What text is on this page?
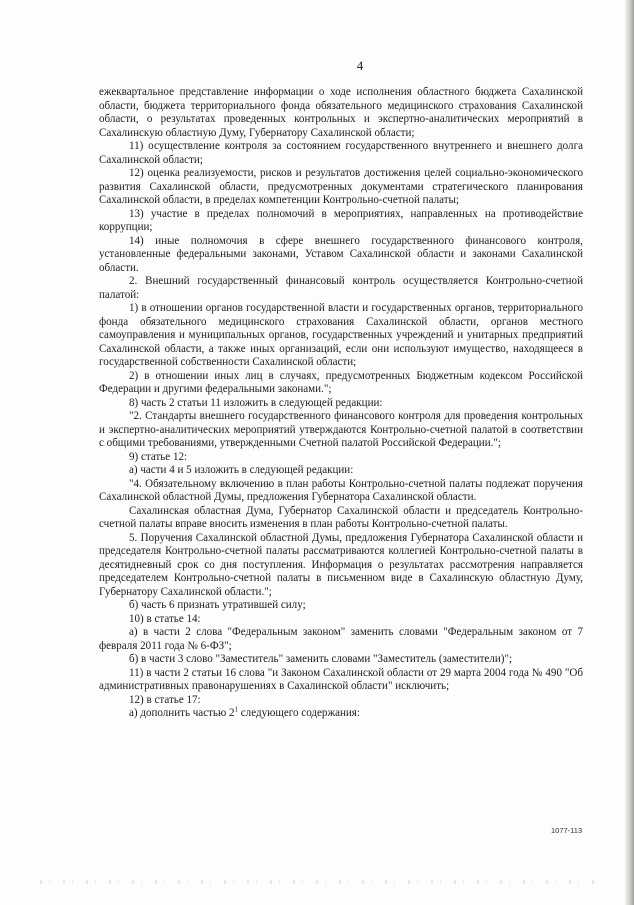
4

ежеквартальное представление информации о ходе исполнения областного бюджета Сахалинской области, бюджета территориального фонда обязательного медицинского страхования Сахалинской области, о результатах проведенных контрольных и экспертно-аналитических мероприятий в Сахалинскую областную Думу, Губернатору Сахалинской области;

11) осуществление контроля за состоянием государственного внутреннего и внешнего долга Сахалинской области;

12) оценка реализуемости, рисков и результатов достижения целей социально-экономического развития Сахалинской области, предусмотренных документами стратегического планирования Сахалинской области, в пределах компетенции Контрольно-счетной палаты;

13) участие в пределах полномочий в мероприятиях, направленных на противодействие коррупции;

14) иные полномочия в сфере внешнего государственного финансового контроля, установленные федеральными законами, Уставом Сахалинской области и законами Сахалинской области.

2. Внешний государственный финансовый контроль осуществляется Контрольно-счетной палатой:

1) в отношении органов государственной власти и государственных органов, территориального фонда обязательного медицинского страхования Сахалинской области, органов местного самоуправления и муниципальных органов, государственных учреждений и унитарных предприятий Сахалинской области, а также иных организаций, если они используют имущество, находящееся в государственной собственности Сахалинской области;

2) в отношении иных лиц в случаях, предусмотренных Бюджетным кодексом Российской Федерации и другими федеральными законами.";

8) часть 2 статьи 11 изложить в следующей редакции:

"2. Стандарты внешнего государственного финансового контроля для проведения контрольных и экспертно-аналитических мероприятий утверждаются Контрольно-счетной палатой в соответствии с общими требованиями, утвержденными Счетной палатой Российской Федерации.";

9) статье 12:

а) части 4 и 5 изложить в следующей редакции:

"4. Обязательному включению в план работы Контрольно-счетной палаты подлежат поручения Сахалинской областной Думы, предложения Губернатора Сахалинской области.

Сахалинская областная Дума, Губернатор Сахалинской области и председатель Контрольно-счетной палаты вправе вносить изменения в план работы Контрольно-счетной палаты.

5. Поручения Сахалинской областной Думы, предложения Губернатора Сахалинской области и председателя Контрольно-счетной палаты рассматриваются коллегией Контрольно-счетной палаты в десятидневный срок со дня поступления. Информация о результатах рассмотрения направляется председателем Контрольно-счетной палаты в письменном виде в Сахалинскую областную Думу, Губернатору Сахалинской области.";

б) часть 6 признать утратившей силу;

10) в статье 14:

а) в части 2 слова "Федеральным законом" заменить словами "Федеральным законом от 7 февраля 2011 года № 6-ФЗ";

б) в части 3 слово "Заместитель" заменить словами "Заместитель (заместители)";

11) в части 2 статьи 16 слова "и Законом Сахалинской области от 29 марта 2004 года № 490 "Об административных правонарушениях в Сахалинской области" исключить;

12) в статье 17:

а) дополнить частью $2^1$ следующего содержания:

1077-113
